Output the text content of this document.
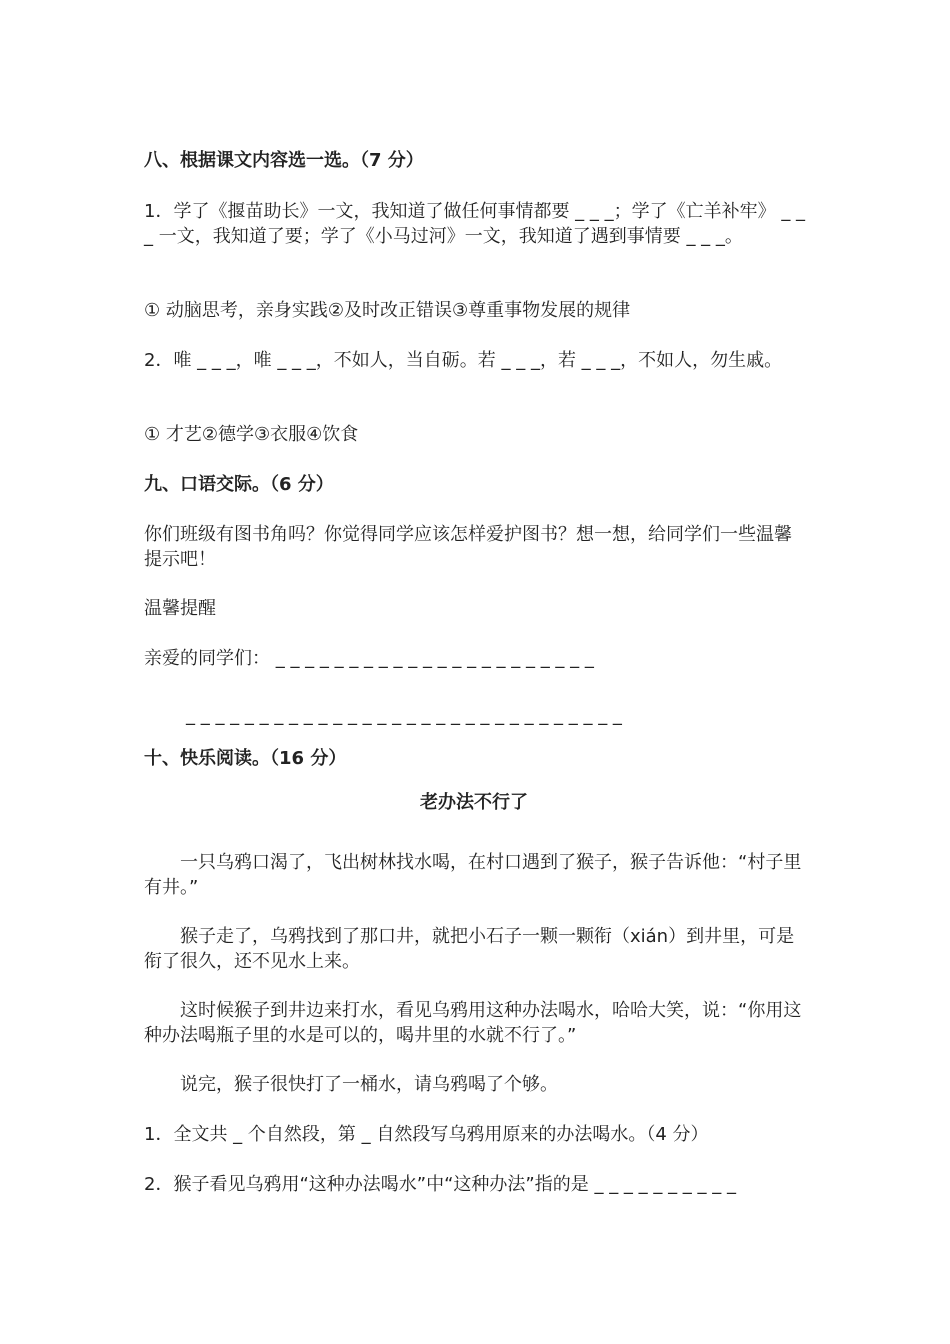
八、根据课文内容选一选。（7 分）

1．学了《揠苗助长》一文，我知道了做任何事情都要 _ _ _；学了《亡羊补牢》 _ _ _ 一文，我知道了要；学了《小马过河》一文，我知道了遇到事情要 _ _ _。

① 动脑思考，亲身实践②及时改正错误③尊重事物发展的规律

2．唯 _ _ _，唯 _ _ _，不如人，当自砺。若 _ _ _，若 _ _ _，不如人，勿生戚。

① 才艺②德学③衣服④饮食

九、口语交际。（6 分）

你们班级有图书角吗？你觉得同学应该怎样爱护图书？想一想，给同学们一些温馨提示吧！

温馨提醒

亲爱的同学们： _ _ _ _ _ _ _ _ _ _ _ _ _ _ _ _ _ _ _ _ _ _

_ _ _ _ _ _ _ _ _ _ _ _ _ _ _ _ _ _ _ _ _ _ _ _ _ _ _ _ _ _

十、快乐阅读。（16 分）

老办法不行了

一只乌鸦口渴了，飞出树林找水喝，在村口遇到了猴子，猴子告诉他：“村子里有井。”

猴子走了，乌鸦找到了那口井，就把小石子一颗一颗衔（xián）到井里，可是衔了很久，还不见水上来。

这时候猴子到井边来打水，看见乌鸦用这种办法喝水，哈哈大笑，说：“你用这种办法喝瓶子里的水是可以的，喝井里的水就不行了。”

说完，猴子很快打了一桶水，请乌鸦喝了个够。

1．全文共 _ 个自然段，第 _ 自然段写乌鸦用原来的办法喝水。（4 分）

2．猴子看见乌鸦用“这种办法喝水”中“这种办法”指的是 _ _ _ _ _ _ _ _ _ _
